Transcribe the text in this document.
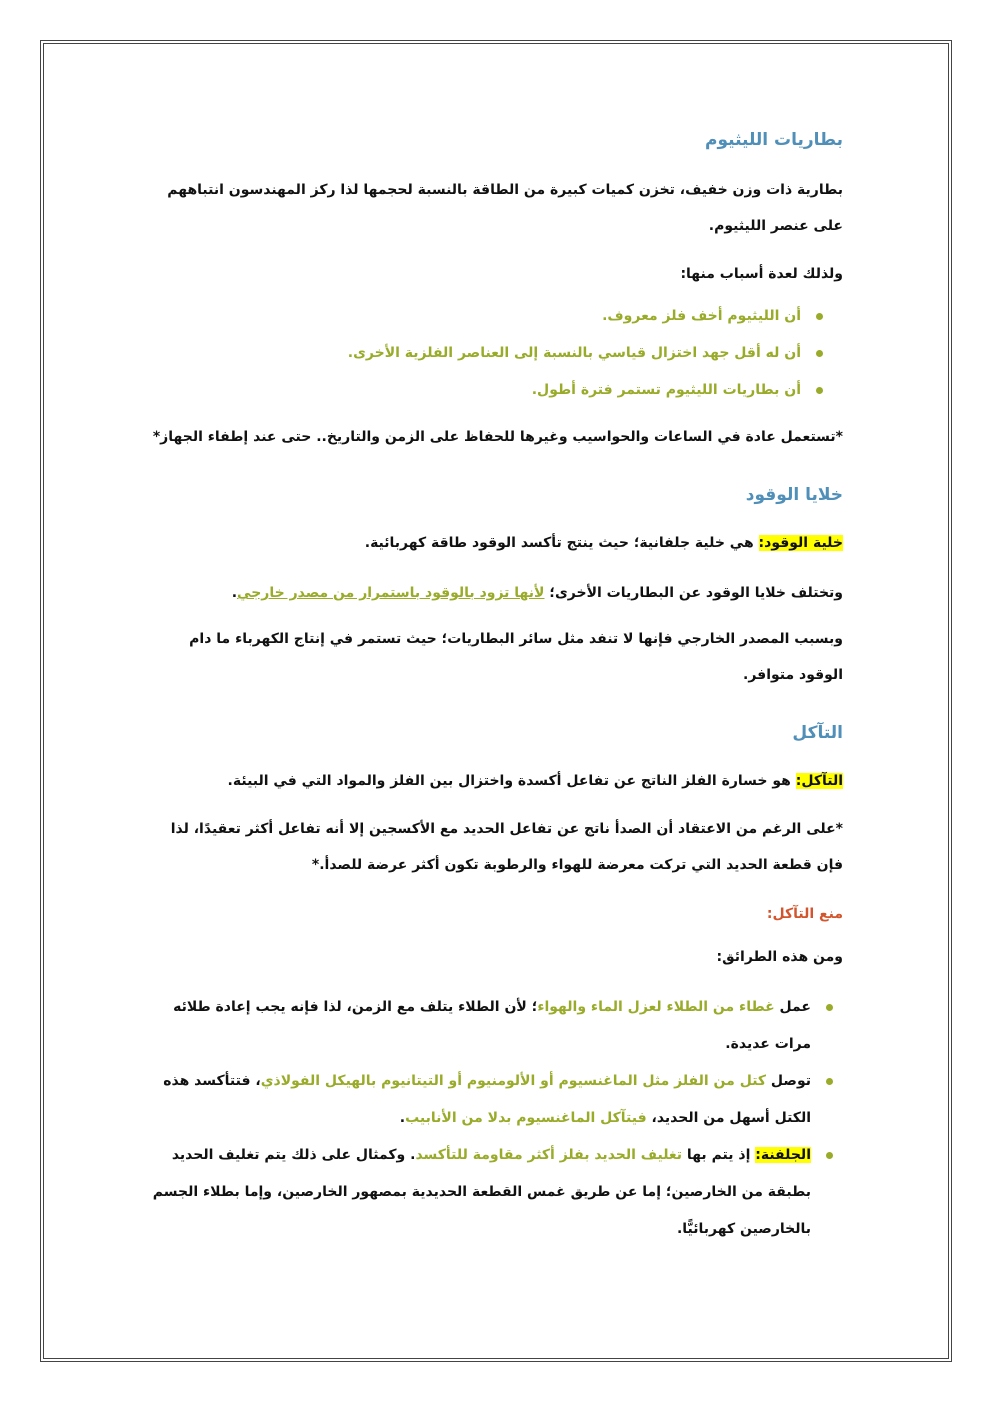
بطاريات الليثيوم

بطارية ذات وزن خفيف، تخزن كميات كبيرة من الطاقة بالنسبة لحجمها لذا ركز المهندسون انتباههم على عنصر الليثيوم.

ولذلك لعدة أسباب منها:

أن الليثيوم أخف فلز معروف.
أن له أقل جهد اختزال قياسي بالنسبة إلى العناصر الفلزية الأخرى.
أن بطاريات الليثيوم تستمر فترة أطول.

*تستعمل عادة في الساعات والحواسيب وغيرها للحفاظ على الزمن والتاريخ.. حتى عند إطفاء الجهاز*

خلايا الوقود

خلية الوقود: هي خلية جلفانية؛ حيث ينتج تأكسد الوقود طاقة كهربائية.

وتختلف خلايا الوقود عن البطاريات الأخرى؛ لأنها تزود بالوقود باستمرار من مصدر خارجي.

وبسبب المصدر الخارجي فإنها لا تنفد مثل سائر البطاريات؛ حيث تستمر في إنتاج الكهرباء ما دام الوقود متوافر.

التآكل

التآكل: هو خسارة الفلز الناتج عن تفاعل أكسدة واختزال بين الفلز والمواد التي في البيئة.

*على الرغم من الاعتقاد أن الصدأ ناتج عن تفاعل الحديد مع الأكسجين إلا أنه تفاعل أكثر تعقيدًا، لذا فإن قطعة الحديد التي تركت معرضة للهواء والرطوبة تكون أكثر عرضة للصدأ.*

منع التآكل:

ومن هذه الطرائق:

عمل غطاء من الطلاء لعزل الماء والهواء؛ لأن الطلاء يتلف مع الزمن، لذا فإنه يجب إعادة طلائه مرات عديدة.
توصل كتل من الفلز مثل الماغنسيوم أو الألومنيوم أو التيتانيوم بالهيكل الفولاذي، فتتأكسد هذه الكتل أسهل من الحديد، فيتآكل الماغنسيوم بدلا من الأنابيب.
الجلفنة: إذ يتم بها تغليف الحديد بفلز أكثر مقاومة للتأكسد. وكمثال على ذلك يتم تغليف الحديد بطبقة من الخارصين؛ إما عن طريق غمس القطعة الحديدية بمصهور الخارصين، وإما بطلاء الجسم بالخارصين كهربائيًّا.
